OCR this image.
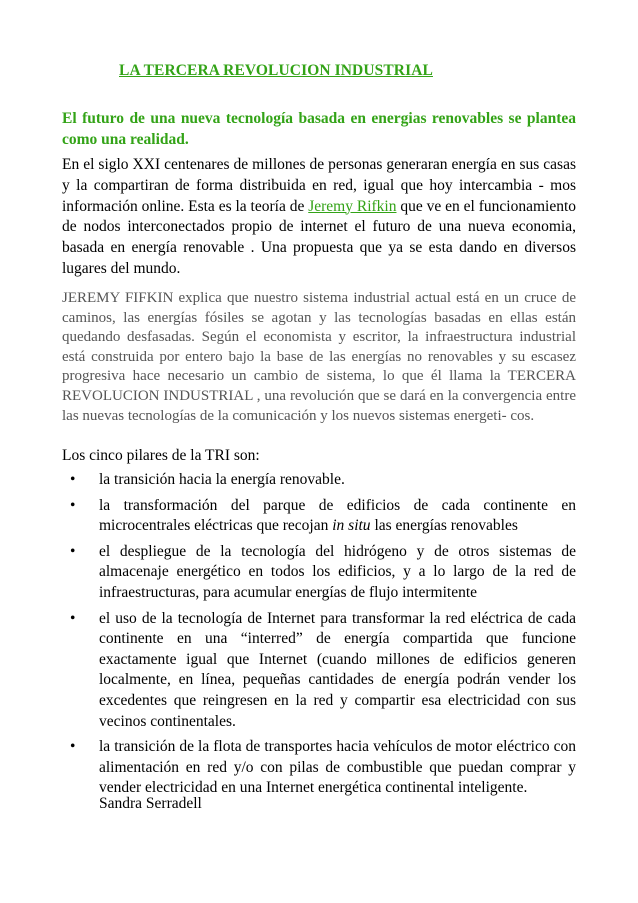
LA TERCERA REVOLUCION INDUSTRIAL
El futuro de una nueva tecnología basada en energias renovables se plantea como una realidad.

En el siglo XXI centenares de millones de personas generaran energía en sus casas y la compartiran de forma distribuida en red, igual que hoy intercambia - mos información online. Esta es la teoría de Jeremy Rifkin que ve en el funcionamiento de nodos interconectados propio de internet el futuro de una nueva economia, basada en energía renovable . Una propuesta que ya se esta dando en diversos lugares del mundo.

JEREMY FIFKIN explica que nuestro sistema industrial actual está en un cruce de caminos, las energías fósiles se agotan y las tecnologías basadas en ellas están quedando desfasadas. Según el economista y escritor, la infraestructura industrial está construida por entero bajo la base de las energías no renovables y su escasez progresiva hace necesario un cambio de sistema, lo que él llama la TERCERA REVOLUCION INDUSTRIAL , una revolución que se dará en la convergencia entre las nuevas tecnologías de la comunicación y los nuevos sistemas energeti- cos.

Los cinco pilares de la TRI son:
• la transición hacia la energía renovable.
• la transformación del parque de edificios de cada continente en microcentrales eléctricas que recojan in situ las energías renovables
• el despliegue de la tecnología del hidrógeno y de otros sistemas de almacenaje energético en todos los edificios, y a lo largo de la red de infraestructuras, para acumular energías de flujo intermitente
• el uso de la tecnología de Internet para transformar la red eléctrica de cada continente en una “interred” de energía compartida que funcione exactamente igual que Internet (cuando millones de edificios generen localmente, en línea, pequeñas cantidades de energía podrán vender los excedentes que reingresen en la red y compartir esa electricidad con sus vecinos continentales.
• la transición de la flota de transportes hacia vehículos de motor eléctrico con alimentación en red y/o con pilas de combustible que puedan comprar y vender electricidad en una Internet energética continental inteligente.
Sandra Serradell
